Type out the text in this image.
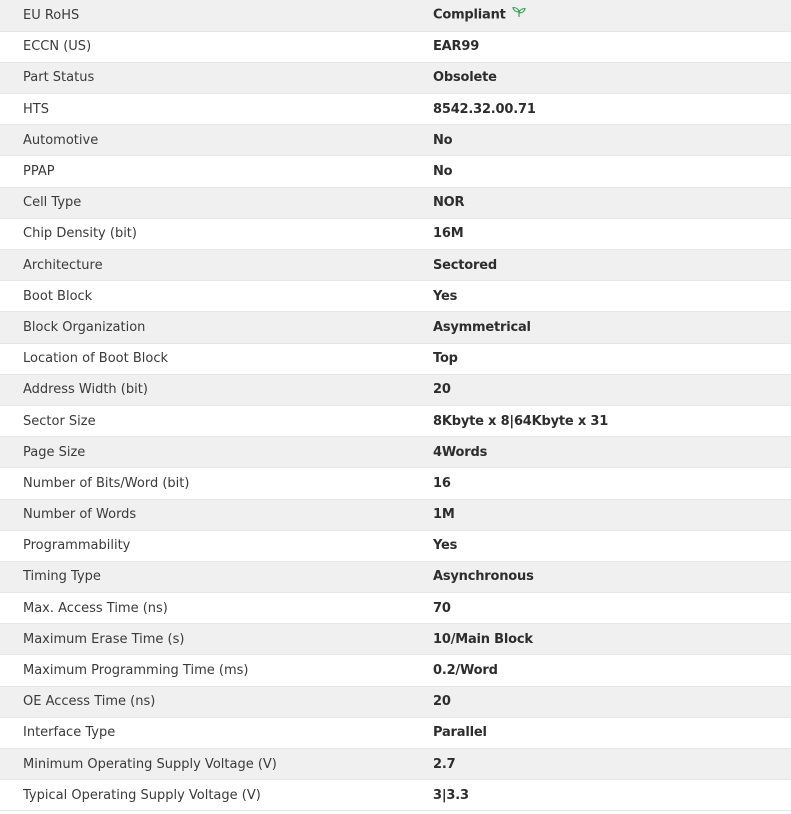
EU RoHS	Compliant
ECCN (US)	EAR99
Part Status	Obsolete
HTS	8542.32.00.71
Automotive	No
PPAP	No
Cell Type	NOR
Chip Density (bit)	16M
Architecture	Sectored
Boot Block	Yes
Block Organization	Asymmetrical
Location of Boot Block	Top
Address Width (bit)	20
Sector Size	8Kbyte x 8|64Kbyte x 31
Page Size	4Words
Number of Bits/Word (bit)	16
Number of Words	1M
Programmability	Yes
Timing Type	Asynchronous
Max. Access Time (ns)	70
Maximum Erase Time (s)	10/Main Block
Maximum Programming Time (ms)	0.2/Word
OE Access Time (ns)	20
Interface Type	Parallel
Minimum Operating Supply Voltage (V)	2.7
Typical Operating Supply Voltage (V)	3|3.3
